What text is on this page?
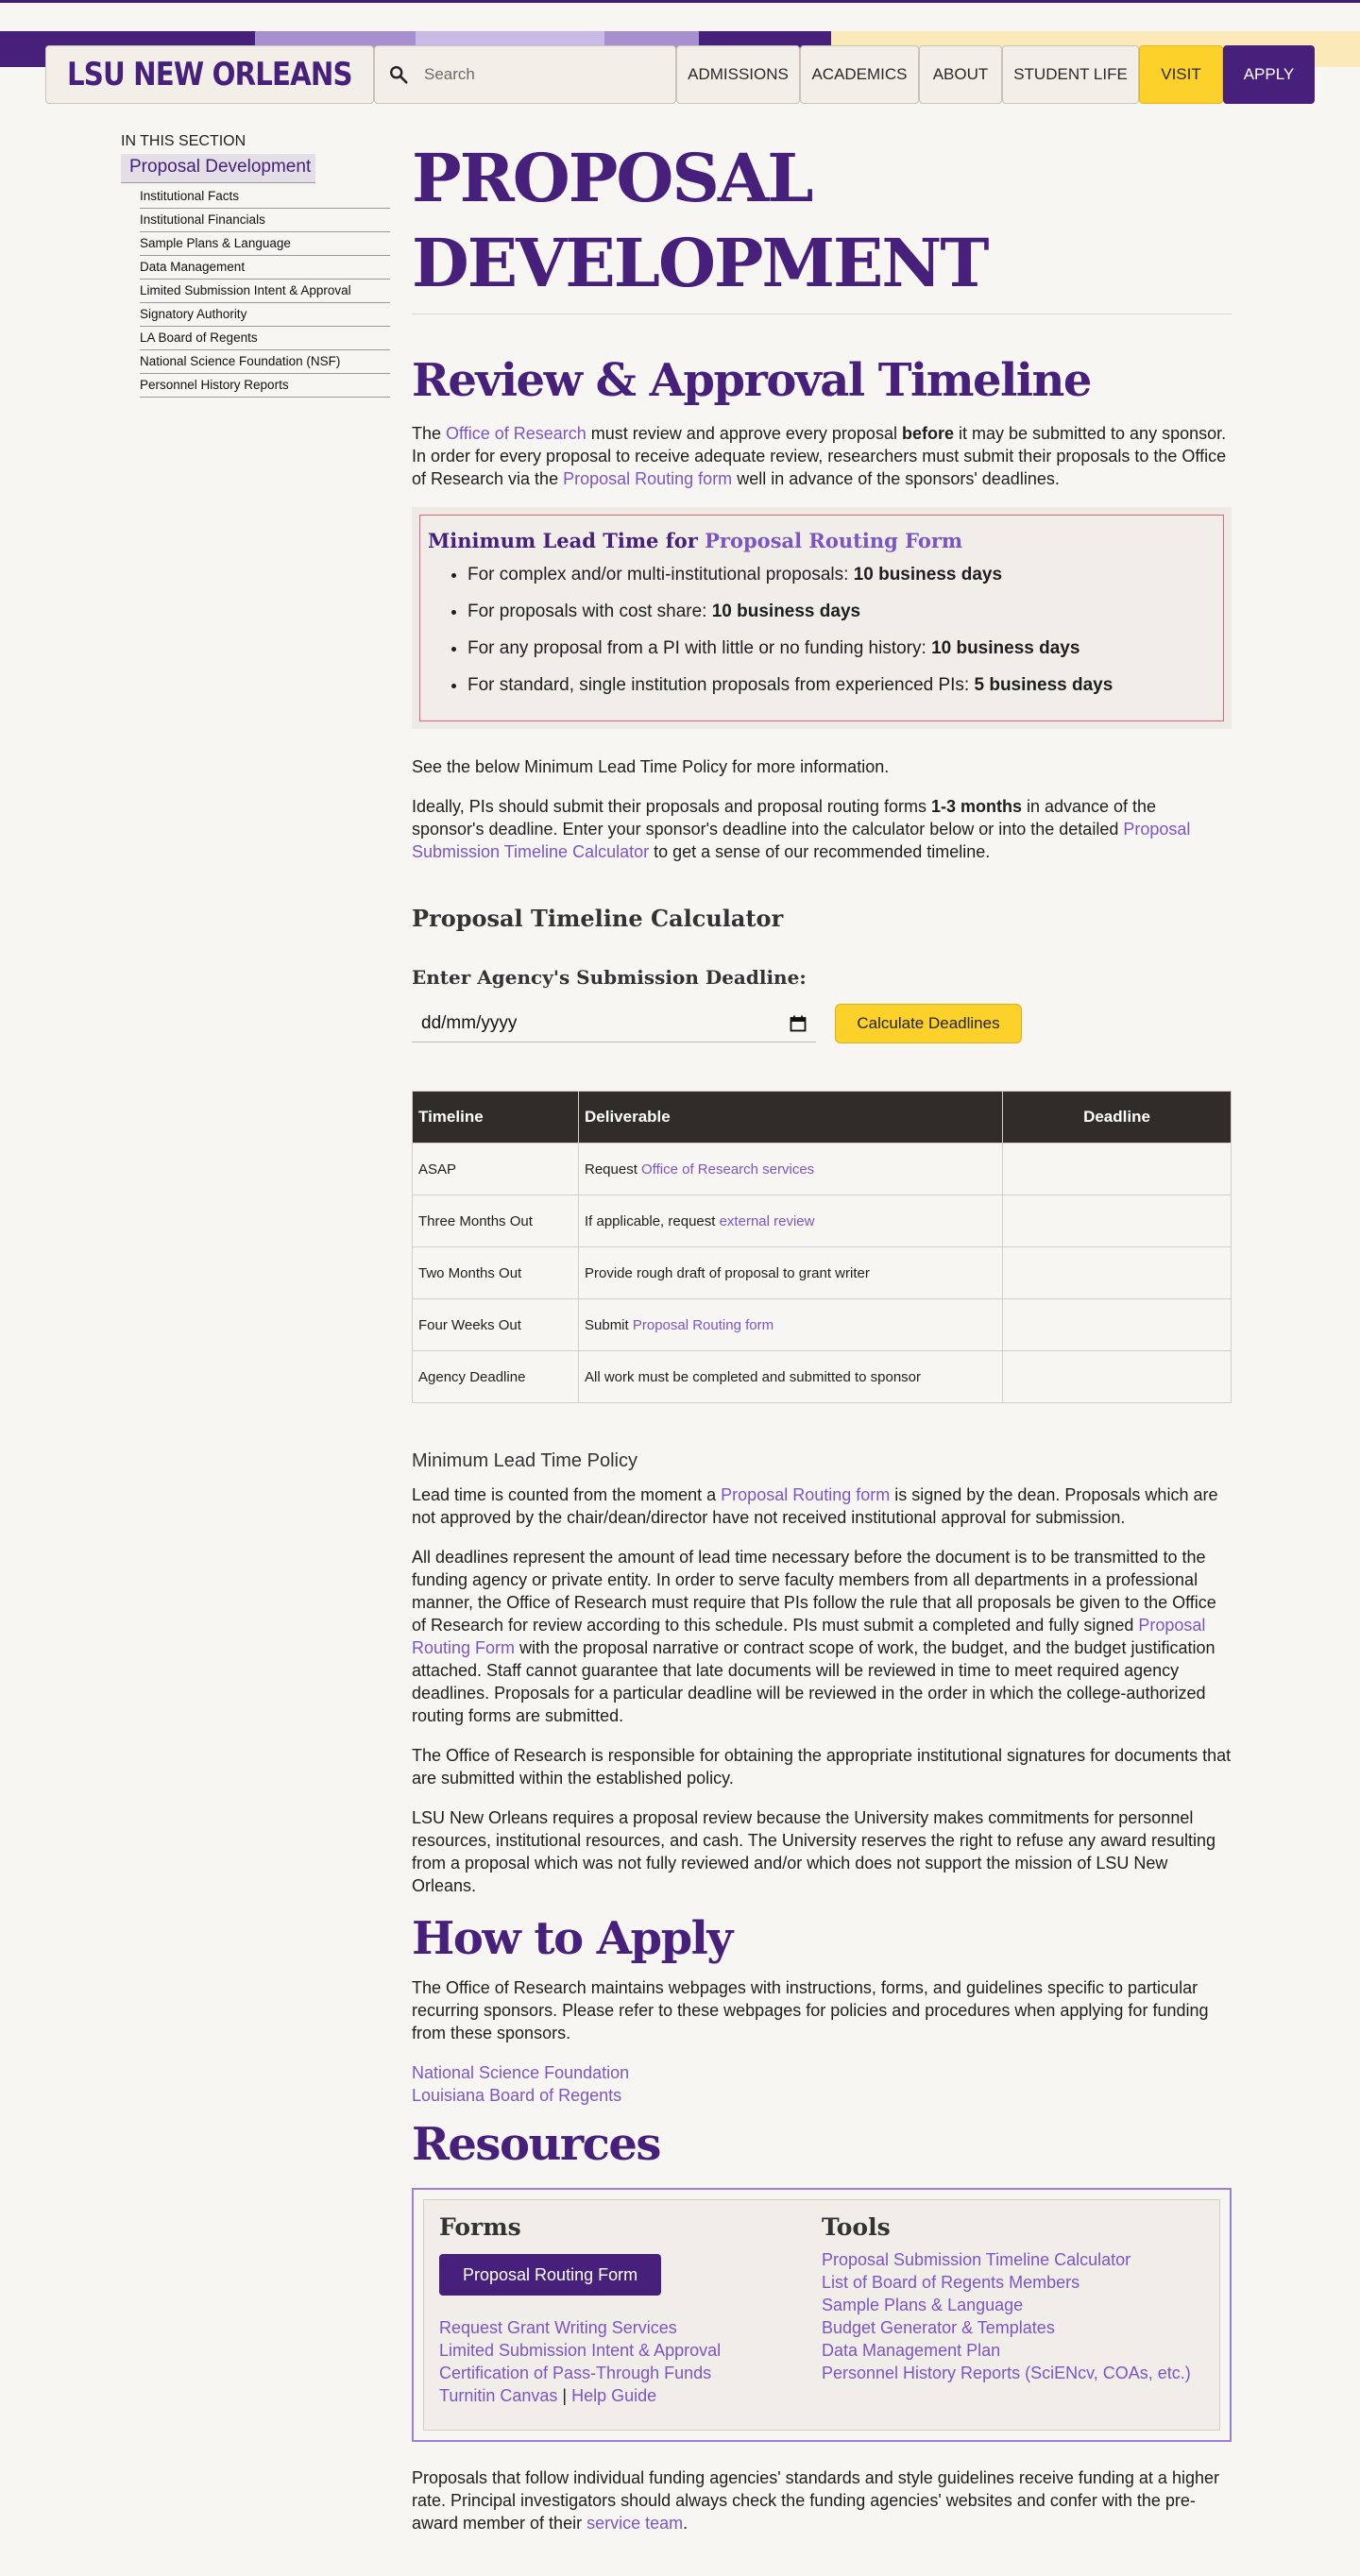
LSU NEW ORLEANS
Search	ADMISSIONS	ACADEMICS	ABOUT	STUDENT LIFE	VISIT	APPLY
IN THIS SECTION
Proposal Development
Institutional Facts
Institutional Financials
Sample Plans & Language
Data Management
Limited Submission Intent & Approval
Signatory Authority
LA Board of Regents
National Science Foundation (NSF)
Personnel History Reports
PROPOSAL DEVELOPMENT
Review & Approval Timeline

The Office of Research must review and approve every proposal before it may be submitted to any sponsor. In order for every proposal to receive adequate review, researchers must submit their proposals to the Office of Research via the Proposal Routing form well in advance of the sponsors' deadlines.

Minimum Lead Time for Proposal Routing Form
• For complex and/or multi-institutional proposals: 10 business days
• For proposals with cost share: 10 business days
• For any proposal from a PI with little or no funding history: 10 business days
• For standard, single institution proposals from experienced PIs: 5 business days

See the below Minimum Lead Time Policy for more information.

Ideally, PIs should submit their proposals and proposal routing forms 1-3 months in advance of the sponsor's deadline. Enter your sponsor's deadline into the calculator below or into the detailed Proposal Submission Timeline Calculator to get a sense of our recommended timeline.

Proposal Timeline Calculator
Enter Agency's Submission Deadline:
dd/mm/yyyy	Calculate Deadlines
Timeline	Deliverable	Deadline
ASAP	Request Office of Research services	
Three Months Out	If applicable, request external review	
Two Months Out	Provide rough draft of proposal to grant writer	
Four Weeks Out	Submit Proposal Routing form	
Agency Deadline	All work must be completed and submitted to sponsor	
Minimum Lead Time Policy

Lead time is counted from the moment a Proposal Routing form is signed by the dean. Proposals which are not approved by the chair/dean/director have not received institutional approval for submission.

All deadlines represent the amount of lead time necessary before the document is to be transmitted to the funding agency or private entity. In order to serve faculty members from all departments in a professional manner, the Office of Research must require that PIs follow the rule that all proposals be given to the Office of Research for review according to this schedule. PIs must submit a completed and fully signed Proposal Routing Form with the proposal narrative or contract scope of work, the budget, and the budget justification attached. Staff cannot guarantee that late documents will be reviewed in time to meet required agency deadlines. Proposals for a particular deadline will be reviewed in the order in which the college-authorized routing forms are submitted.

The Office of Research is responsible for obtaining the appropriate institutional signatures for documents that are submitted within the established policy.

LSU New Orleans requires a proposal review because the University makes commitments for personnel resources, institutional resources, and cash. The University reserves the right to refuse any award resulting from a proposal which was not fully reviewed and/or which does not support the mission of LSU New Orleans.

How to Apply

The Office of Research maintains webpages with instructions, forms, and guidelines specific to particular recurring sponsors. Please refer to these webpages for policies and procedures when applying for funding from these sponsors.

National Science Foundation
Louisiana Board of Regents
Resources
Forms
Proposal Routing Form
Request Grant Writing Services
Limited Submission Intent & Approval
Certification of Pass-Through Funds
Turnitin Canvas | Help Guide
Tools
Proposal Submission Timeline Calculator
List of Board of Regents Members
Sample Plans & Language
Budget Generator & Templates
Data Management Plan
Personnel History Reports (SciENcv, COAs, etc.)

Proposals that follow individual funding agencies' standards and style guidelines receive funding at a higher rate. Principal investigators should always check the funding agencies' websites and confer with the pre-award member of their service team.
